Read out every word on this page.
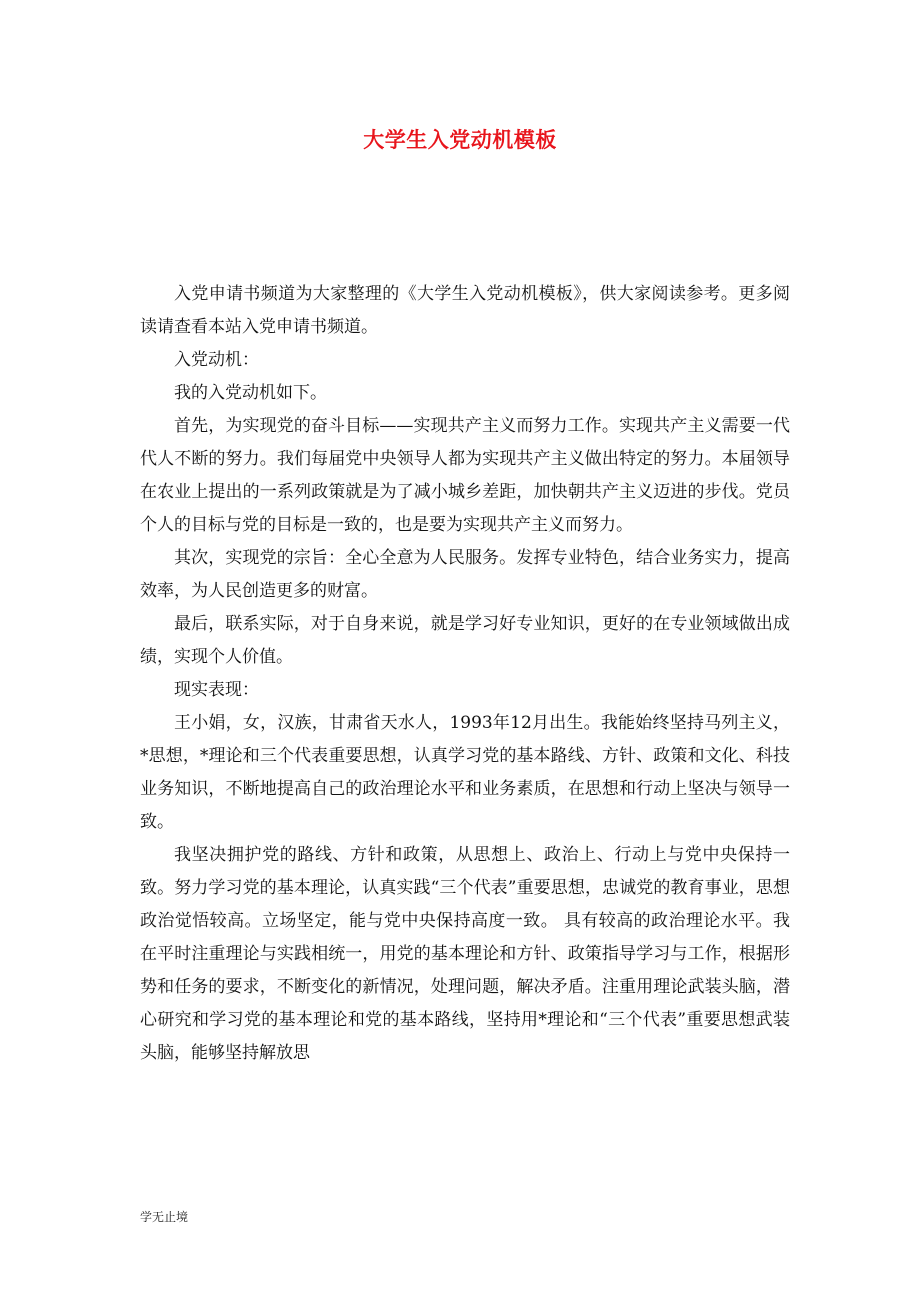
大学生入党动机模板

入党申请书频道为大家整理的《大学生入党动机模板》，供大家阅读参考。更多阅读请查看本站入党申请书频道。

入党动机：

我的入党动机如下。

首先，为实现党的奋斗目标——实现共产主义而努力工作。实现共产主义需要一代代人不断的努力。我们每届党中央领导人都为实现共产主义做出特定的努力。本届领导在农业上提出的一系列政策就是为了减小城乡差距，加快朝共产主义迈进的步伐。党员个人的目标与党的目标是一致的，也是要为实现共产主义而努力。

其次，实现党的宗旨：全心全意为人民服务。发挥专业特色，结合业务实力，提高效率，为人民创造更多的财富。

最后，联系实际，对于自身来说，就是学习好专业知识，更好的在专业领域做出成绩，实现个人价值。

现实表现：

王小娟，女，汉族，甘肃省天水人，1993年12月出生。我能始终坚持马列主义，*思想，*理论和三个代表重要思想，认真学习党的基本路线、方针、政策和文化、科技业务知识，不断地提高自己的政治理论水平和业务素质，在思想和行动上坚决与领导一致。

我坚决拥护党的路线、方针和政策，从思想上、政治上、行动上与党中央保持一致。努力学习党的基本理论，认真实践“三个代表”重要思想，忠诚党的教育事业，思想政治觉悟较高。立场坚定，能与党中央保持高度一致。 具有较高的政治理论水平。我在平时注重理论与实践相统一，用党的基本理论和方针、政策指导学习与工作，根据形势和任务的要求，不断变化的新情况，处理问题，解决矛盾。注重用理论武装头脑，潜心研究和学习党的基本理论和党的基本路线，坚持用*理论和“三个代表”重要思想武装头脑，能够坚持解放思

学无止境
